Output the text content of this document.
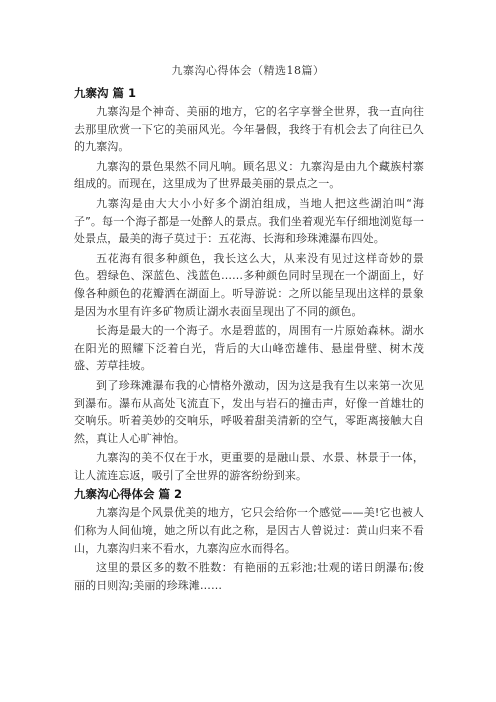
九寨沟心得体会（精选18篇）
九寨沟 篇 1

九寨沟是个神奇、美丽的地方，它的名字享誉全世界，我一直向往去那里欣赏一下它的美丽风光。今年暑假，我终于有机会去了向往已久的九寨沟。

九寨沟的景色果然不同凡响。顾名思义：九寨沟是由九个藏族村寨组成的。而现在，这里成为了世界最美丽的景点之一。

九寨沟是由大大小小好多个湖泊组成，当地人把这些湖泊叫“海子”。每一个海子都是一处醉人的景点。我们坐着观光车仔细地浏览每一处景点，最美的海子莫过于：五花海、长海和珍珠滩瀑布四处。

五花海有很多种颜色，我长这么大，从来没有见过这样奇妙的景色。碧绿色、深蓝色、浅蓝色……多种颜色同时呈现在一个湖面上，好像各种颜色的花瓣洒在湖面上。听导游说：之所以能呈现出这样的景象是因为水里有许多矿物质让湖水表面呈现出了不同的颜色。

长海是最大的一个海子。水是碧蓝的，周围有一片原始森林。湖水在阳光的照耀下泛着白光，背后的大山峰峦雄伟、悬崖骨壁、树木茂盛、芳草挂坡。

到了珍珠滩瀑布我的心情格外激动，因为这是我有生以来第一次见到瀑布。瀑布从高处飞流直下，发出与岩石的撞击声，好像一首雄壮的交响乐。听着美妙的交响乐，呼吸着甜美清新的空气，零距离接触大自然，真让人心旷神怡。

九寨沟的美不仅在于水，更重要的是融山景、水景、林景于一体，让人流连忘返，吸引了全世界的游客纷纷到来。

九寨沟心得体会 篇 2

九寨沟是个风景优美的地方，它只会给你一个感觉——美!它也被人们称为人间仙境，她之所以有此之称，是因古人曾说过：黄山归来不看山，九寨沟归来不看水，九寨沟应水而得名。

这里的景区多的数不胜数：有艳丽的五彩池;壮观的诺日朗瀑布;俊丽的日则沟;美丽的珍珠滩……
